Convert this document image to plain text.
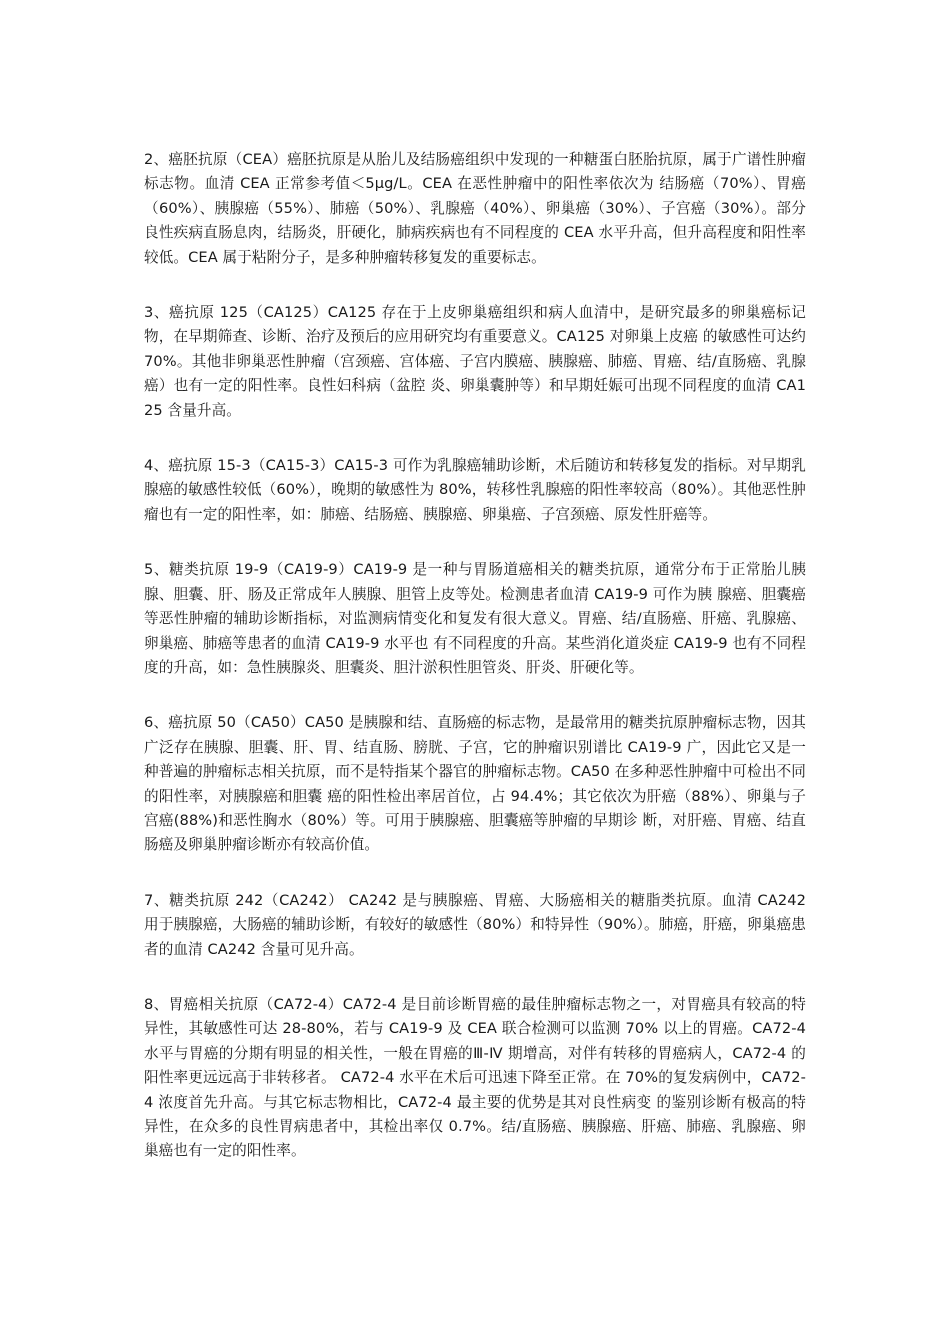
2、癌胚抗原（CEA）癌胚抗原是从胎儿及结肠癌组织中发现的一种糖蛋白胚胎抗原，属于广谱性肿瘤标志物。血清 CEA 正常参考值＜5μg/L。CEA 在恶性肿瘤中的阳性率依次为 结肠癌（70%）、胃癌（60%）、胰腺癌（55%）、肺癌（50%）、乳腺癌（40%）、卵巢癌（30%）、子宫癌（30%）。部分良性疾病直肠息肉，结肠炎，肝硬化，肺病疾病也有不同程度的 CEA 水平升高，但升高程度和阳性率较低。CEA 属于粘附分子，是多种肿瘤转移复发的重要标志。

3、癌抗原 125（CA125）CA125 存在于上皮卵巢癌组织和病人血清中，是研究最多的卵巢癌标记物，在早期筛查、诊断、治疗及预后的应用研究均有重要意义。CA125 对卵巢上皮癌 的敏感性可达约 70%。其他非卵巢恶性肿瘤（宫颈癌、宫体癌、子宫内膜癌、胰腺癌、肺癌、胃癌、结/直肠癌、乳腺癌）也有一定的阳性率。良性妇科病（盆腔 炎、卵巢囊肿等）和早期妊娠可出现不同程度的血清 CA125 含量升高。

4、癌抗原 15-3（CA15-3）CA15-3 可作为乳腺癌辅助诊断，术后随访和转移复发的指标。对早期乳腺癌的敏感性较低（60%），晚期的敏感性为 80%，转移性乳腺癌的阳性率较高（80%）。其他恶性肿瘤也有一定的阳性率，如：肺癌、结肠癌、胰腺癌、卵巢癌、子宫颈癌、原发性肝癌等。

5、糖类抗原 19-9（CA19-9）CA19-9 是一种与胃肠道癌相关的糖类抗原，通常分布于正常胎儿胰腺、胆囊、肝、肠及正常成年人胰腺、胆管上皮等处。检测患者血清 CA19-9 可作为胰 腺癌、胆囊癌等恶性肿瘤的辅助诊断指标，对监测病情变化和复发有很大意义。胃癌、结/直肠癌、肝癌、乳腺癌、卵巢癌、肺癌等患者的血清 CA19-9 水平也 有不同程度的升高。某些消化道炎症 CA19-9 也有不同程度的升高，如：急性胰腺炎、胆囊炎、胆汁淤积性胆管炎、肝炎、肝硬化等。

6、癌抗原 50（CA50）CA50 是胰腺和结、直肠癌的标志物，是最常用的糖类抗原肿瘤标志物，因其广泛存在胰腺、胆囊、肝、胃、结直肠、膀胱、子宫，它的肿瘤识别谱比 CA19-9 广，因此它又是一种普遍的肿瘤标志相关抗原，而不是特指某个器官的肿瘤标志物。CA50 在多种恶性肿瘤中可检出不同的阳性率，对胰腺癌和胆囊 癌的阳性检出率居首位，占 94.4%；其它依次为肝癌（88%）、卵巢与子宫癌(88%)和恶性胸水（80%）等。可用于胰腺癌、胆囊癌等肿瘤的早期诊 断，对肝癌、胃癌、结直肠癌及卵巢肿瘤诊断亦有较高价值。

7、糖类抗原 242（CA242） CA242 是与胰腺癌、胃癌、大肠癌相关的糖脂类抗原。血清 CA242 用于胰腺癌，大肠癌的辅助诊断，有较好的敏感性（80%）和特异性（90%）。肺癌，肝癌，卵巢癌患者的血清 CA242 含量可见升高。

8、胃癌相关抗原（CA72-4）CA72-4 是目前诊断胃癌的最佳肿瘤标志物之一，对胃癌具有较高的特异性，其敏感性可达 28-80%，若与 CA19-9 及 CEA 联合检测可以监测 70% 以上的胃癌。CA72-4 水平与胃癌的分期有明显的相关性，一般在胃癌的Ⅲ-Ⅳ 期增高，对伴有转移的胃癌病人，CA72-4 的阳性率更远远高于非转移者。 CA72-4 水平在术后可迅速下降至正常。在 70%的复发病例中，CA72-4 浓度首先升高。与其它标志物相比，CA72-4 最主要的优势是其对良性病变 的鉴别诊断有极高的特异性，在众多的良性胃病患者中，其检出率仅 0.7%。结/直肠癌、胰腺癌、肝癌、肺癌、乳腺癌、卵巢癌也有一定的阳性率。
